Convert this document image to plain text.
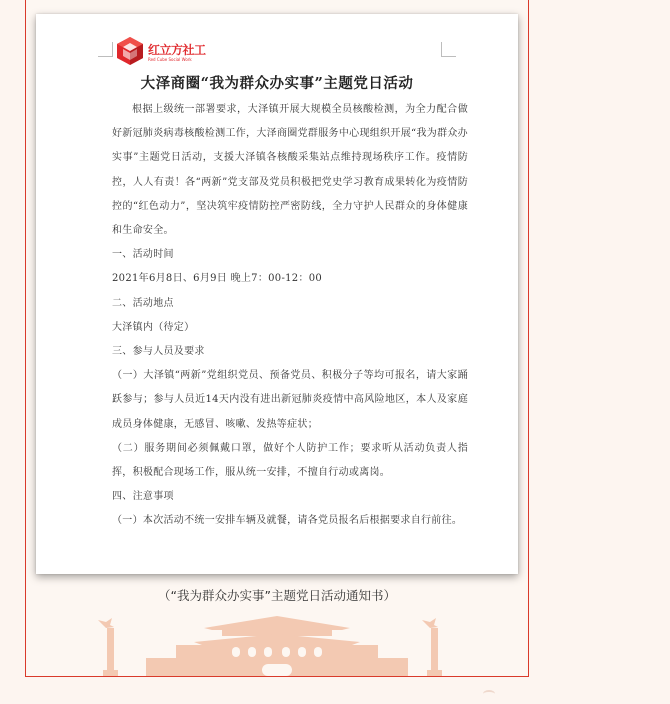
红立方社工
Red Cube Social Work
大泽商圈“我为群众办实事”主题党日活动

根据上级统一部署要求，大泽镇开展大规模全员核酸检测，为全力配合做好新冠肺炎病毒核酸检测工作，大泽商圈党群服务中心现组织开展“我为群众办实事”主题党日活动，支援大泽镇各核酸采集站点维持现场秩序工作。疫情防控，人人有责！各“两新”党支部及党员积极把党史学习教育成果转化为疫情防控的“红色动力”，坚决筑牢疫情防控严密防线，全力守护人民群众的身体健康和生命安全。

一、活动时间

2021年6月8日、6月9日 晚上7：00-12：00

二、活动地点

大泽镇内（待定）

三、参与人员及要求

（一）大泽镇“两新”党组织党员、预备党员、积极分子等均可报名，请大家踊跃参与；参与人员近14天内没有进出新冠肺炎疫情中高风险地区，本人及家庭成员身体健康，无感冒、咳嗽、发热等症状；

（二）服务期间必须佩戴口罩，做好个人防护工作；要求听从活动负责人指挥，积极配合现场工作，服从统一安排，不擅自行动或离岗。

四、注意事项

（一）本次活动不统一安排车辆及就餐，请各党员报名后根据要求自行前往。

（“我为群众办实事”主题党日活动通知书）
